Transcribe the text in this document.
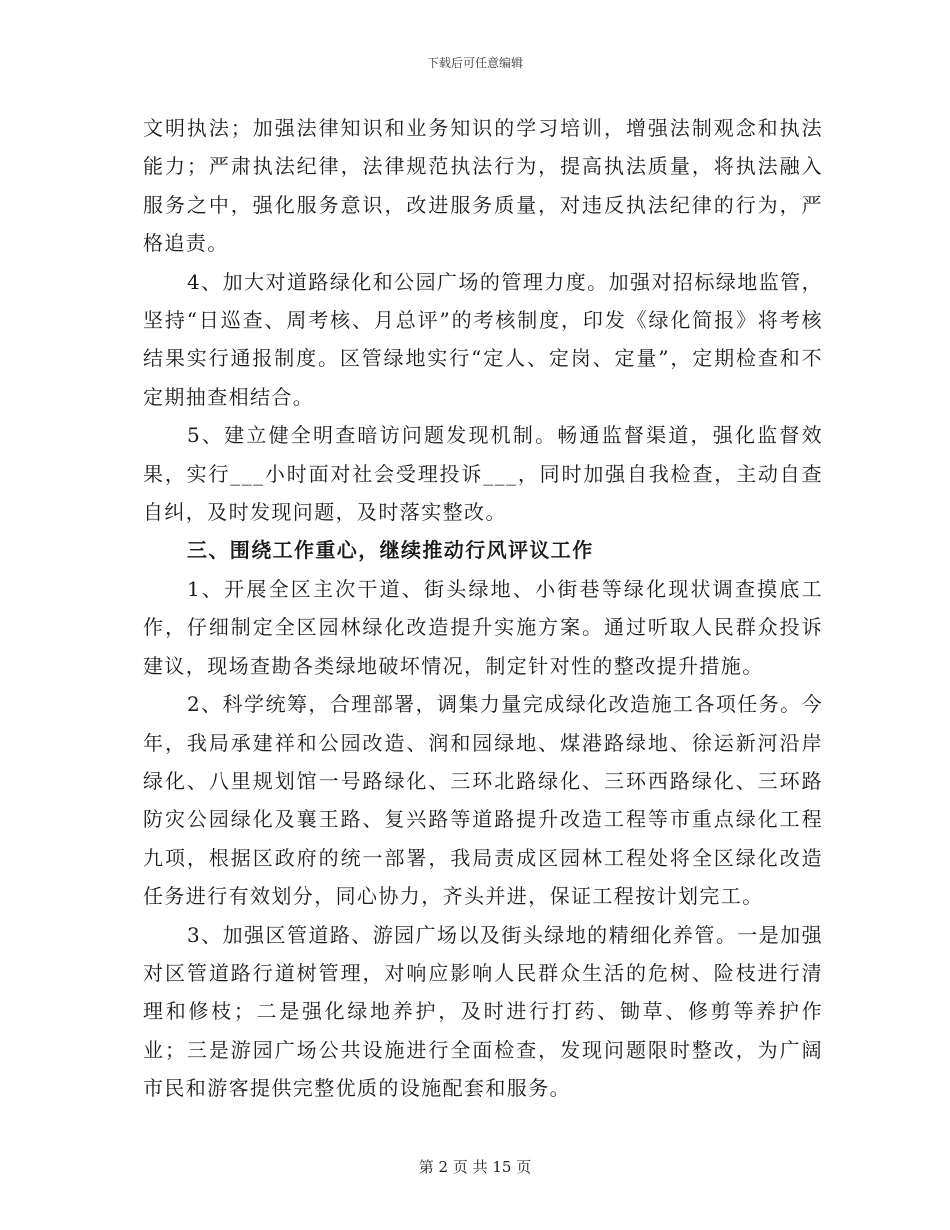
下载后可任意编辑

文明执法；加强法律知识和业务知识的学习培训，增强法制观念和执法能力；严肃执法纪律，法律规范执法行为，提高执法质量，将执法融入服务之中，强化服务意识，改进服务质量，对违反执法纪律的行为，严格追责。

4、加大对道路绿化和公园广场的管理力度。加强对招标绿地监管，坚持“日巡查、周考核、月总评”的考核制度，印发《绿化简报》将考核结果实行通报制度。区管绿地实行“定人、定岗、定量”，定期检查和不定期抽查相结合。

5、建立健全明查暗访问题发现机制。畅通监督渠道，强化监督效果，实行___小时面对社会受理投诉___，同时加强自我检查，主动自查自纠，及时发现问题，及时落实整改。

三、围绕工作重心，继续推动行风评议工作

1、开展全区主次干道、街头绿地、小街巷等绿化现状调查摸底工作，仔细制定全区园林绿化改造提升实施方案。通过听取人民群众投诉建议，现场查勘各类绿地破坏情况，制定针对性的整改提升措施。

2、科学统筹，合理部署，调集力量完成绿化改造施工各项任务。今年，我局承建祥和公园改造、润和园绿地、煤港路绿地、徐运新河沿岸绿化、八里规划馆一号路绿化、三环北路绿化、三环西路绿化、三环路防灾公园绿化及襄王路、复兴路等道路提升改造工程等市重点绿化工程九项，根据区政府的统一部署，我局责成区园林工程处将全区绿化改造任务进行有效划分，同心协力，齐头并进，保证工程按计划完工。

3、加强区管道路、游园广场以及街头绿地的精细化养管。一是加强对区管道路行道树管理，对响应影响人民群众生活的危树、险枝进行清理和修枝；二是强化绿地养护，及时进行打药、锄草、修剪等养护作业；三是游园广场公共设施进行全面检查，发现问题限时整改，为广阔市民和游客提供完整优质的设施配套和服务。

第 2 页 共 15 页
